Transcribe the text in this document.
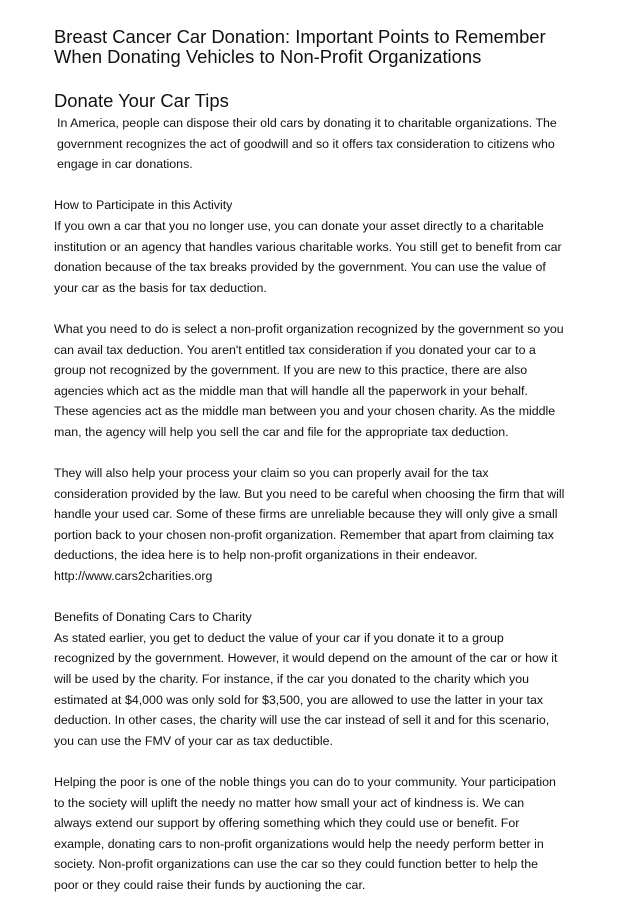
Breast Cancer Car Donation: Important Points to Remember
When Donating Vehicles to Non-Profit Organizations
Donate Your Car Tips
In America, people can dispose their old cars by donating it to charitable organizations. The
government recognizes the act of goodwill and so it offers tax consideration to citizens who
engage in car donations.
How to Participate in this Activity
If you own a car that you no longer use, you can donate your asset directly to a charitable
institution or an agency that handles various charitable works. You still get to benefit from car
donation because of the tax breaks provided by the government. You can use the value of
your car as the basis for tax deduction.
What you need to do is select a non-profit organization recognized by the government so you
can avail tax deduction. You aren't entitled tax consideration if you donated your car to a
group not recognized by the government. If you are new to this practice, there are also
agencies which act as the middle man that will handle all the paperwork in your behalf.
These agencies act as the middle man between you and your chosen charity. As the middle
man, the agency will help you sell the car and file for the appropriate tax deduction.
They will also help your process your claim so you can properly avail for the tax
consideration provided by the law. But you need to be careful when choosing the firm that will
handle your used car. Some of these firms are unreliable because they will only give a small
portion back to your chosen non-profit organization. Remember that apart from claiming tax
deductions, the idea here is to help non-profit organizations in their endeavor.
http://www.cars2charities.org
Benefits of Donating Cars to Charity
As stated earlier, you get to deduct the value of your car if you donate it to a group
recognized by the government. However, it would depend on the amount of the car or how it
will be used by the charity. For instance, if the car you donated to the charity which you
estimated at $4,000 was only sold for $3,500, you are allowed to use the latter in your tax
deduction. In other cases, the charity will use the car instead of sell it and for this scenario,
you can use the FMV of your car as tax deductible.
Helping the poor is one of the noble things you can do to your community. Your participation
to the society will uplift the needy no matter how small your act of kindness is. We can
always extend our support by offering something which they could use or benefit. For
example, donating cars to non-profit organizations would help the needy perform better in
society. Non-profit organizations can use the car so they could function better to help the
poor or they could raise their funds by auctioning the car.
